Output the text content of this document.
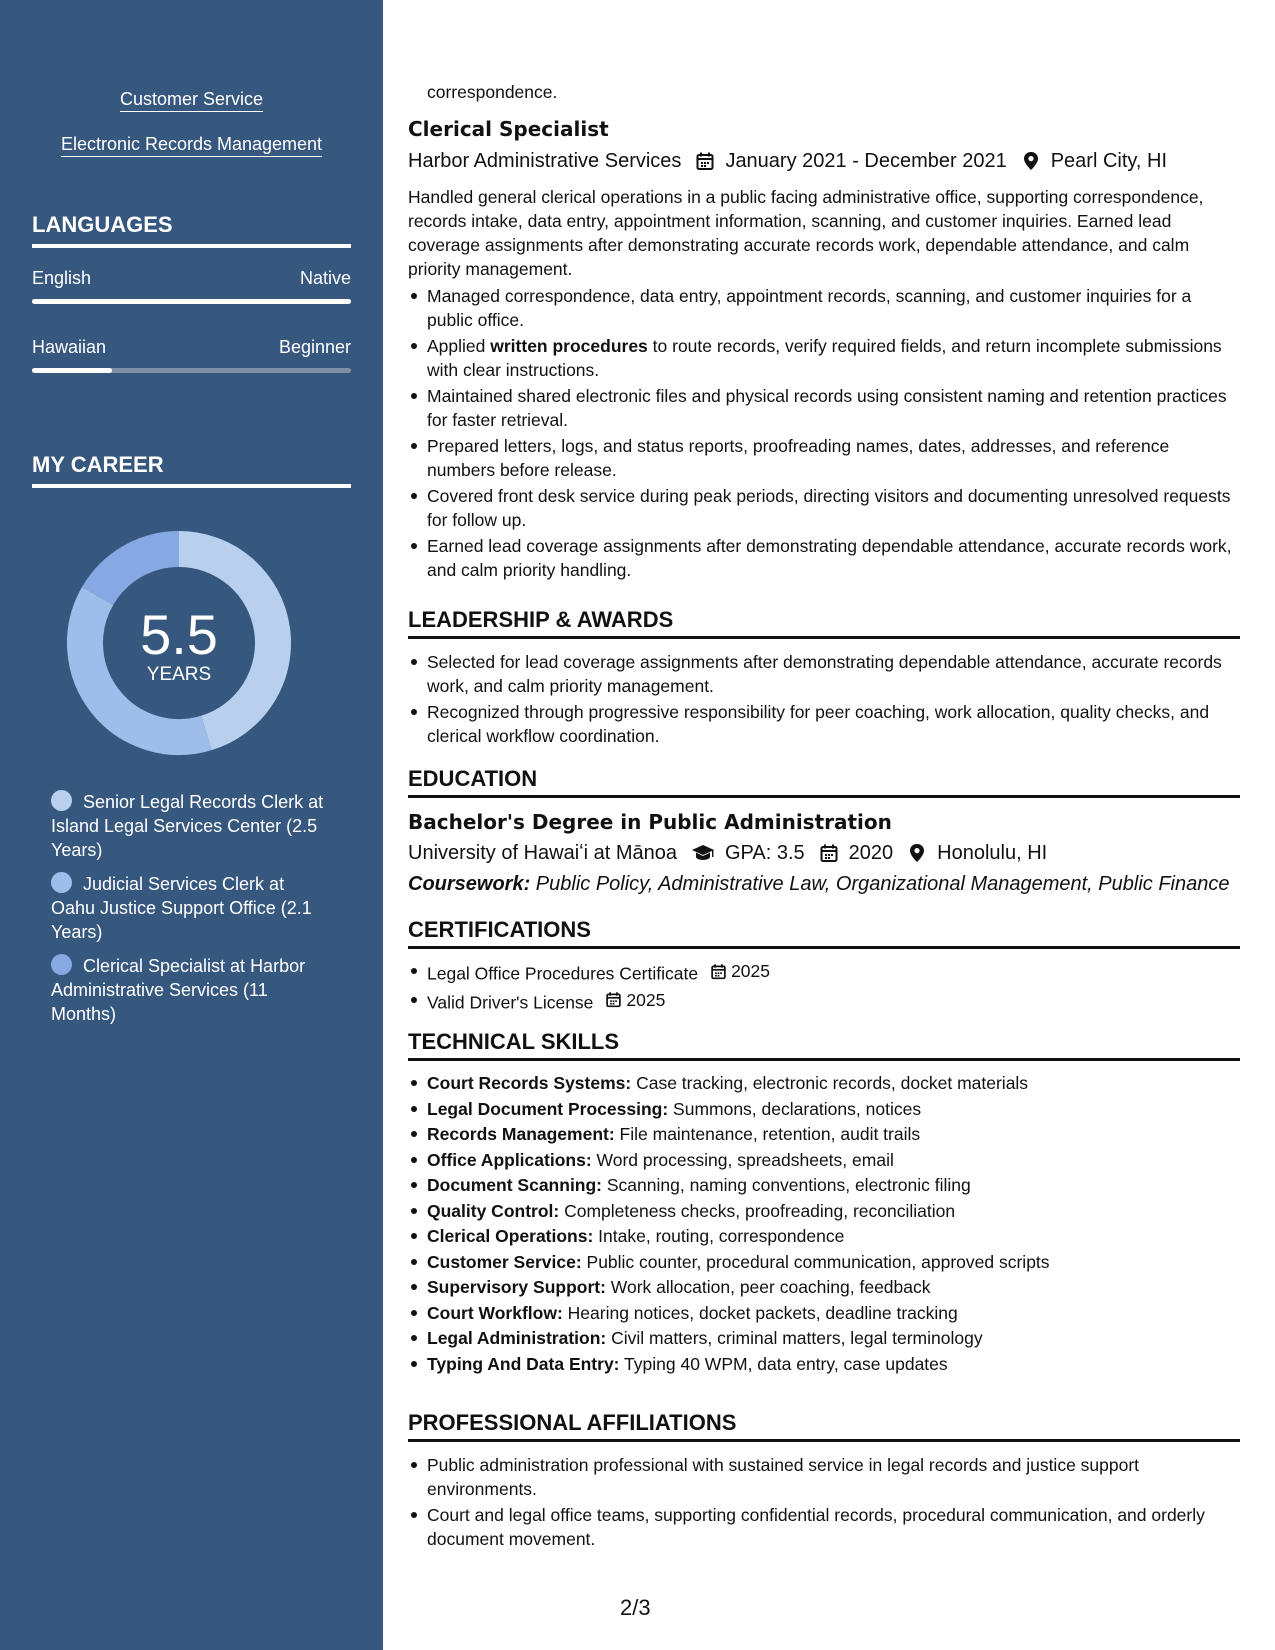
Customer Service
Electronic Records Management
LANGUAGES
English	Native
Hawaiian	Beginner
MY CAREER
5.5
YEARS
Senior Legal Records Clerk at Island Legal Services Center (2.5 Years)
Judicial Services Clerk at Oahu Justice Support Office (2.1 Years)
Clerical Specialist at Harbor Administrative Services (11 Months)
correspondence.
Clerical Specialist
Harbor Administrative Services January 2021 - December 2021 Pearl City, HI
Handled general clerical operations in a public facing administrative office, supporting correspondence, records intake, data entry, appointment information, scanning, and customer inquiries. Earned lead coverage assignments after demonstrating accurate records work, dependable attendance, and calm priority management.
Managed correspondence, data entry, appointment records, scanning, and customer inquiries for a public office.
Applied written procedures to route records, verify required fields, and return incomplete submissions with clear instructions.
Maintained shared electronic files and physical records using consistent naming and retention practices for faster retrieval.
Prepared letters, logs, and status reports, proofreading names, dates, addresses, and reference numbers before release.
Covered front desk service during peak periods, directing visitors and documenting unresolved requests for follow up.
Earned lead coverage assignments after demonstrating dependable attendance, accurate records work, and calm priority handling.
LEADERSHIP & AWARDS
Selected for lead coverage assignments after demonstrating dependable attendance, accurate records work, and calm priority management.
Recognized through progressive responsibility for peer coaching, work allocation, quality checks, and clerical workflow coordination.
EDUCATION
Bachelor's Degree in Public Administration
University of Hawaiʻi at Mānoa GPA: 3.5 2020 Honolulu, HI
Coursework: Public Policy, Administrative Law, Organizational Management, Public Finance
CERTIFICATIONS
Legal Office Procedures Certificate 2025
Valid Driver's License 2025
TECHNICAL SKILLS
Court Records Systems: Case tracking, electronic records, docket materials
Legal Document Processing: Summons, declarations, notices
Records Management: File maintenance, retention, audit trails
Office Applications: Word processing, spreadsheets, email
Document Scanning: Scanning, naming conventions, electronic filing
Quality Control: Completeness checks, proofreading, reconciliation
Clerical Operations: Intake, routing, correspondence
Customer Service: Public counter, procedural communication, approved scripts
Supervisory Support: Work allocation, peer coaching, feedback
Court Workflow: Hearing notices, docket packets, deadline tracking
Legal Administration: Civil matters, criminal matters, legal terminology
Typing And Data Entry: Typing 40 WPM, data entry, case updates
PROFESSIONAL AFFILIATIONS
Public administration professional with sustained service in legal records and justice support environments.
Court and legal office teams, supporting confidential records, procedural communication, and orderly document movement.
2/3
